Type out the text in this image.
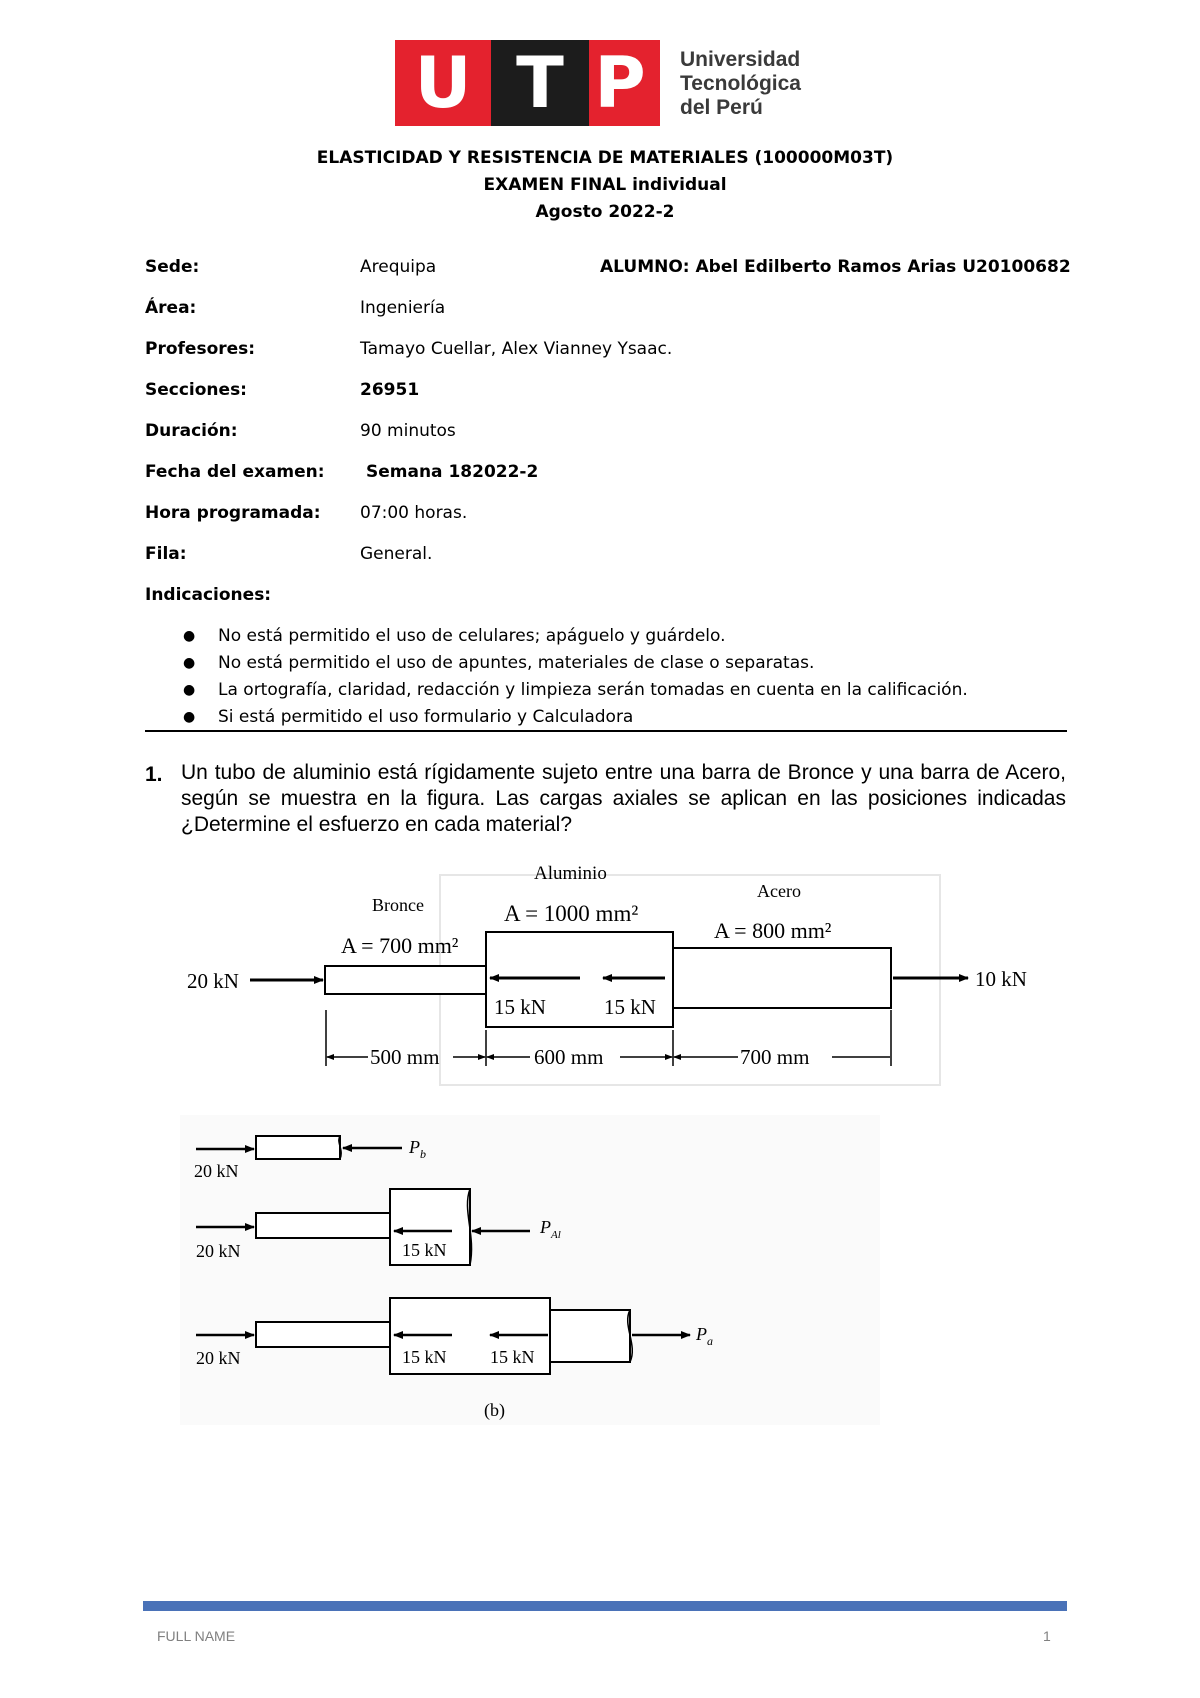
U T P	Universidad
Tecnológica
del Perú
ELASTICIDAD Y RESISTENCIA DE MATERIALES (100000M03T)
EXAMEN FINAL individual
Agosto 2022-2
Sede:	Arequipa	ALUMNO: Abel Edilberto Ramos Arias U20100682
Área:	Ingeniería
Profesores:	Tamayo Cuellar, Alex Vianney Ysaac.
Secciones:	26951
Duración:	90 minutos
Fecha del examen: Semana 182022-2
Hora programada: 07:00 horas.
Fila:	General.
Indicaciones:
● No está permitido el uso de celulares; apáguelo y guárdelo.
● No está permitido el uso de apuntes, materiales de clase o separatas.
● La ortografía, claridad, redacción y limpieza serán tomadas en cuenta en la calificación.
● Si está permitido el uso formulario y Calculadora
1. Un tubo de aluminio está rígidamente sujeto entre una barra de Bronce y una barra de Acero, según se muestra en la figura. Las cargas axiales se aplican en las posiciones indicadas ¿Determine el esfuerzo en cada material?
Aluminio
A = 1000 mm²
Bronce
A = 700 mm²
Acero
A = 800 mm²
20 kN	10 kN
15 kN	15 kN
500 mm	600 mm	700 mm
20 kN
$P_b$
20 kN	15 kN
$P_{Al}$
20 kN	15 kN 15 kN
$P_a$
(b)
FULL NAME	1
